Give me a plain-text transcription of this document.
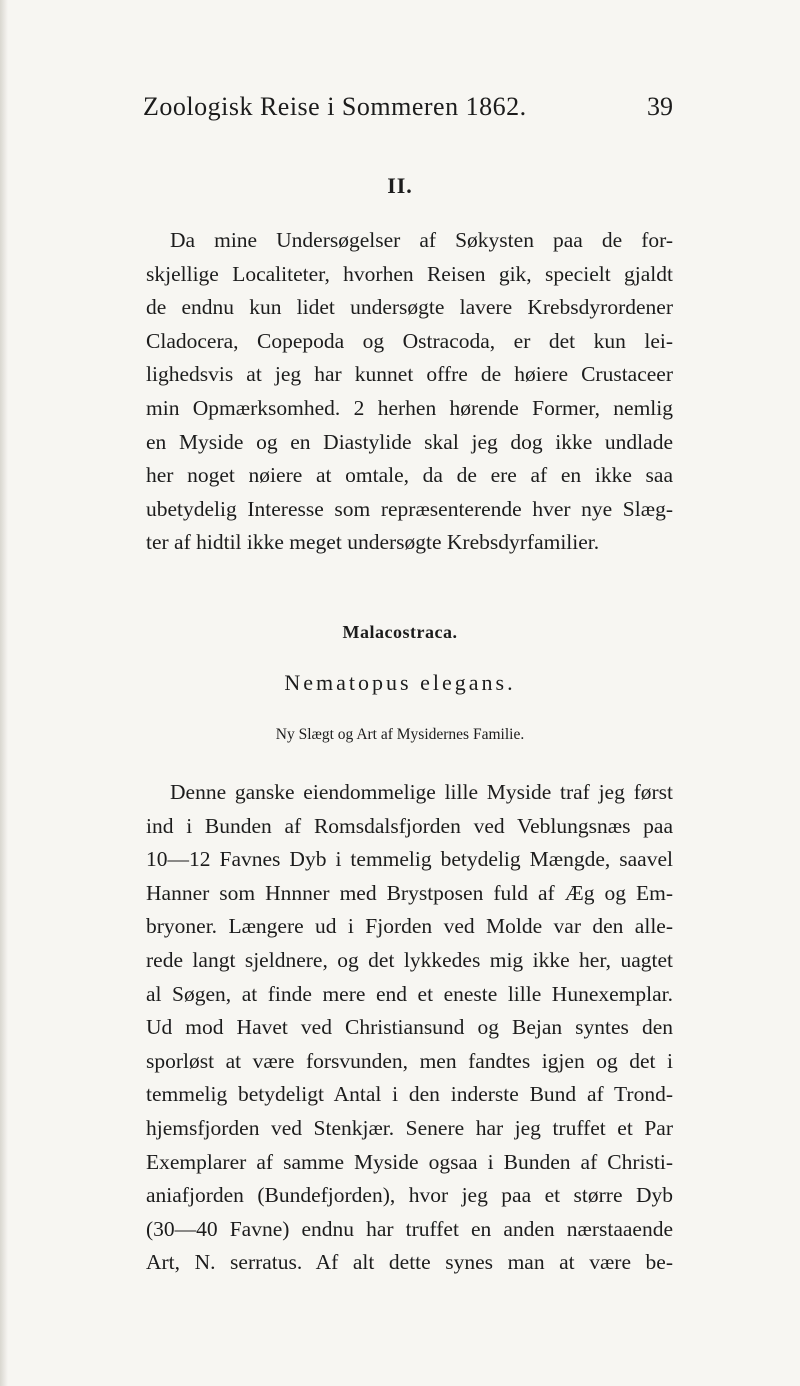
Zoologisk Reise i Sommeren 1862.	39
II.
Da mine Undersøgelser af Søkysten paa de for-
skjellige Localiteter, hvorhen Reisen gik, specielt gjaldt
de endnu kun lidet undersøgte lavere Krebsdyrordener
Cladocera, Copepoda og Ostracoda, er det kun lei-
lighedsvis at jeg har kunnet offre de høiere Crustaceer
min Opmærksomhed. 2 herhen hørende Former, nemlig
en Myside og en Diastylide skal jeg dog ikke undlade
her noget nøiere at omtale, da de ere af en ikke saa
ubetydelig Interesse som repræsenterende hver nye Slæg-
ter af hidtil ikke meget undersøgte Krebsdyrfamilier.
Malacostraca.
Nematopus elegans.
Ny Slægt og Art af Mysidernes Familie.
Denne ganske eiendommelige lille Myside traf jeg først
ind i Bunden af Romsdalsfjorden ved Veblungsnæs paa
10—12 Favnes Dyb i temmelig betydelig Mængde, saavel
Hanner som Hnnner med Brystposen fuld af Æg og Em-
bryoner. Længere ud i Fjorden ved Molde var den alle-
rede langt sjeldnere, og det lykkedes mig ikke her, uagtet
al Søgen, at finde mere end et eneste lille Hunexemplar.
Ud mod Havet ved Christiansund og Bejan syntes den
sporløst at være forsvunden, men fandtes igjen og det i
temmelig betydeligt Antal i den inderste Bund af Trond-
hjemsfjorden ved Stenkjær. Senere har jeg truffet et Par
Exemplarer af samme Myside ogsaa i Bunden af Christi-
aniafjorden (Bundefjorden), hvor jeg paa et større Dyb
(30—40 Favne) endnu har truffet en anden nærstaaende
Art, N. serratus. Af alt dette synes man at være be-
